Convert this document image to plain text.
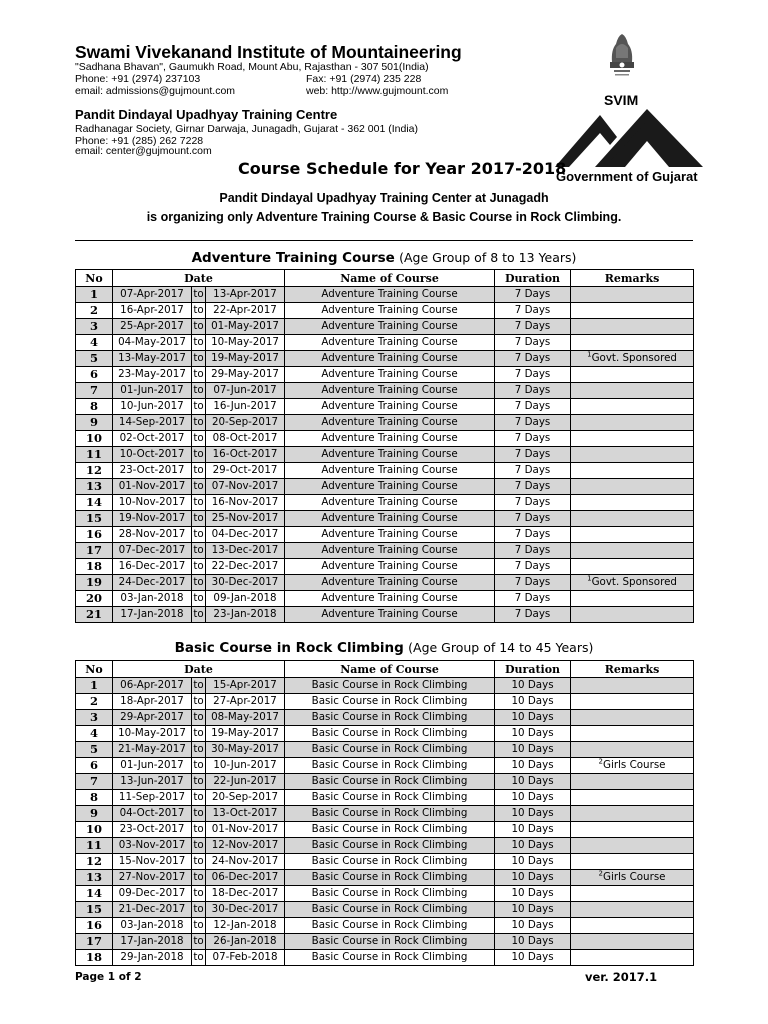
Swami Vivekanand Institute of Mountaineering
"Sadhana Bhavan", Gaumukh Road, Mount Abu, Rajasthan - 307 501(India)
Phone: +91 (2974) 237103	Fax: +91 (2974) 235 228
email: admissions@gujmount.com	web: http://www.gujmount.com
Pandit Dindayal Upadhyay Training Centre
Radhanagar Society, Girnar Darwaja, Junagadh, Gujarat - 362 001 (India)
Phone: +91 (285) 262 7228
email: center@gujmount.com
SVIM
Government of Gujarat
Course Schedule for Year 2017-2018
Pandit Dindayal Upadhyay Training Center at Junagadh
is organizing only Adventure Training Course & Basic Course in Rock Climbing.
Adventure Training Course (Age Group of 8 to 13 Years)
No	Date			Name of Course	Duration	Remarks
1	07-Apr-2017	to	13-Apr-2017	Adventure Training Course	7 Days	
2	16-Apr-2017	to	22-Apr-2017	Adventure Training Course	7 Days	
3	25-Apr-2017	to	01-May-2017	Adventure Training Course	7 Days	
4	04-May-2017	to	10-May-2017	Adventure Training Course	7 Days	
5	13-May-2017	to	19-May-2017	Adventure Training Course	7 Days	$^1$Govt. Sponsored
6	23-May-2017	to	29-May-2017	Adventure Training Course	7 Days	
7	01-Jun-2017	to	07-Jun-2017	Adventure Training Course	7 Days	
8	10-Jun-2017	to	16-Jun-2017	Adventure Training Course	7 Days	
9	14-Sep-2017	to	20-Sep-2017	Adventure Training Course	7 Days	
10	02-Oct-2017	to	08-Oct-2017	Adventure Training Course	7 Days	
11	10-Oct-2017	to	16-Oct-2017	Adventure Training Course	7 Days	
12	23-Oct-2017	to	29-Oct-2017	Adventure Training Course	7 Days	
13	01-Nov-2017	to	07-Nov-2017	Adventure Training Course	7 Days	
14	10-Nov-2017	to	16-Nov-2017	Adventure Training Course	7 Days	
15	19-Nov-2017	to	25-Nov-2017	Adventure Training Course	7 Days	
16	28-Nov-2017	to	04-Dec-2017	Adventure Training Course	7 Days	
17	07-Dec-2017	to	13-Dec-2017	Adventure Training Course	7 Days	
18	16-Dec-2017	to	22-Dec-2017	Adventure Training Course	7 Days	
19	24-Dec-2017	to	30-Dec-2017	Adventure Training Course	7 Days	$^1$Govt. Sponsored
20	03-Jan-2018	to	09-Jan-2018	Adventure Training Course	7 Days	
21	17-Jan-2018	to	23-Jan-2018	Adventure Training Course	7 Days	
Basic Course in Rock Climbing (Age Group of 14 to 45 Years)
No	Date			Name of Course	Duration	Remarks
1	06-Apr-2017	to	15-Apr-2017	Basic Course in Rock Climbing	10 Days	
2	18-Apr-2017	to	27-Apr-2017	Basic Course in Rock Climbing	10 Days	
3	29-Apr-2017	to	08-May-2017	Basic Course in Rock Climbing	10 Days	
4	10-May-2017	to	19-May-2017	Basic Course in Rock Climbing	10 Days	
5	21-May-2017	to	30-May-2017	Basic Course in Rock Climbing	10 Days	
6	01-Jun-2017	to	10-Jun-2017	Basic Course in Rock Climbing	10 Days	$^2$Girls Course
7	13-Jun-2017	to	22-Jun-2017	Basic Course in Rock Climbing	10 Days	
8	11-Sep-2017	to	20-Sep-2017	Basic Course in Rock Climbing	10 Days	
9	04-Oct-2017	to	13-Oct-2017	Basic Course in Rock Climbing	10 Days	
10	23-Oct-2017	to	01-Nov-2017	Basic Course in Rock Climbing	10 Days	
11	03-Nov-2017	to	12-Nov-2017	Basic Course in Rock Climbing	10 Days	
12	15-Nov-2017	to	24-Nov-2017	Basic Course in Rock Climbing	10 Days	
13	27-Nov-2017	to	06-Dec-2017	Basic Course in Rock Climbing	10 Days	$^2$Girls Course
14	09-Dec-2017	to	18-Dec-2017	Basic Course in Rock Climbing	10 Days	
15	21-Dec-2017	to	30-Dec-2017	Basic Course in Rock Climbing	10 Days	
16	03-Jan-2018	to	12-Jan-2018	Basic Course in Rock Climbing	10 Days	
17	17-Jan-2018	to	26-Jan-2018	Basic Course in Rock Climbing	10 Days	
18	29-Jan-2018	to	07-Feb-2018	Basic Course in Rock Climbing	10 Days	
Page 1 of 2	ver. 2017.1
